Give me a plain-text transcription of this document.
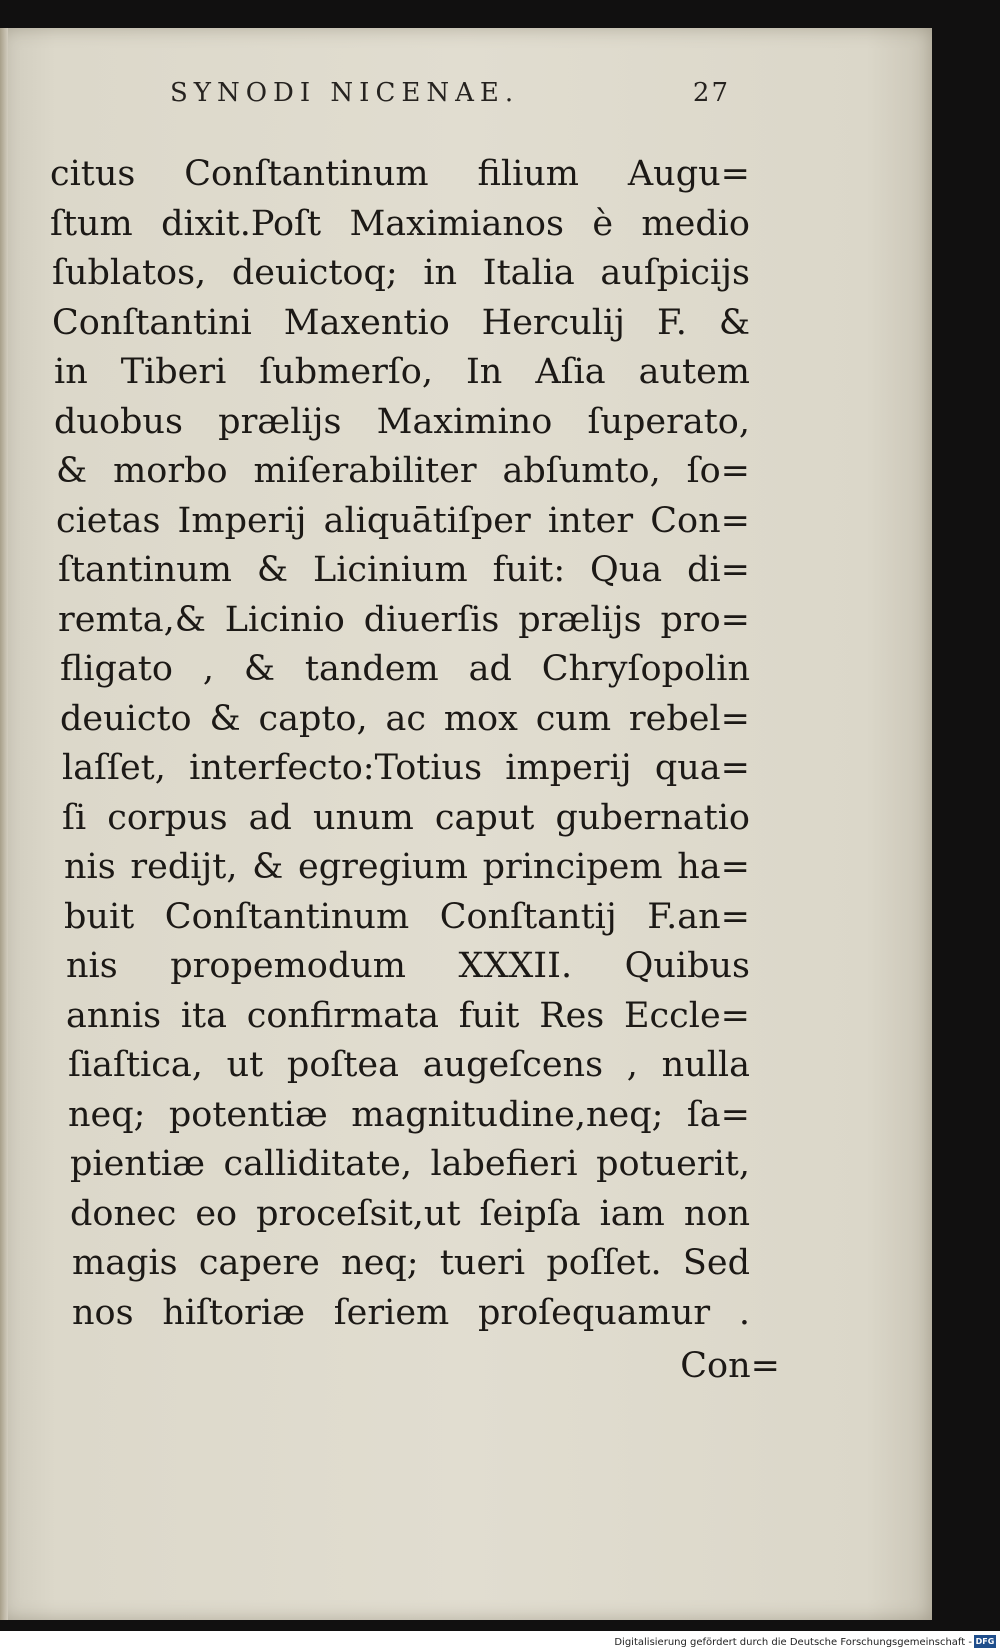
SYNODI NICENAE.	27
citus Conſtantinum filium Augu=
ſtum dixit.Poſt Maximianos è medio
ſublatos, deuictoq; in Italia auſpicijs
Conſtantini Maxentio Herculij F. &
in Tiberi ſubmerſo, In Aſia autem
duobus prælijs Maximino ſuperato,
& morbo miſerabiliter abſumto, ſo=
cietas Imperij aliquātiſper inter Con=
ſtantinum & Licinium fuit: Qua di=
remta,& Licinio diuerſis prælijs pro=
fligato , & tandem ad Chryſopolin
deuicto & capto, ac mox cum rebel=
laſſet, interfecto:Totius imperij qua=
ſi corpus ad unum caput gubernatio
nis redijt, & egregium principem ha=
buit Conſtantinum Conſtantij F.an=
nis propemodum XXXII. Quibus
annis ita confirmata fuit Res Eccle=
ſiaſtica, ut poſtea augeſcens , nulla
neq; potentiæ magnitudine,neq; ſa=
pientiæ calliditate, labefieri potuerit,
donec eo proceſsit,ut ſeipſa iam non
magis capere neq; tueri poſſet. Sed
nos hiſtoriæ ſeriem proſequamur .
Con=
Digitalisierung gefördert durch die Deutsche Forschungsgemeinschaft - DFG
